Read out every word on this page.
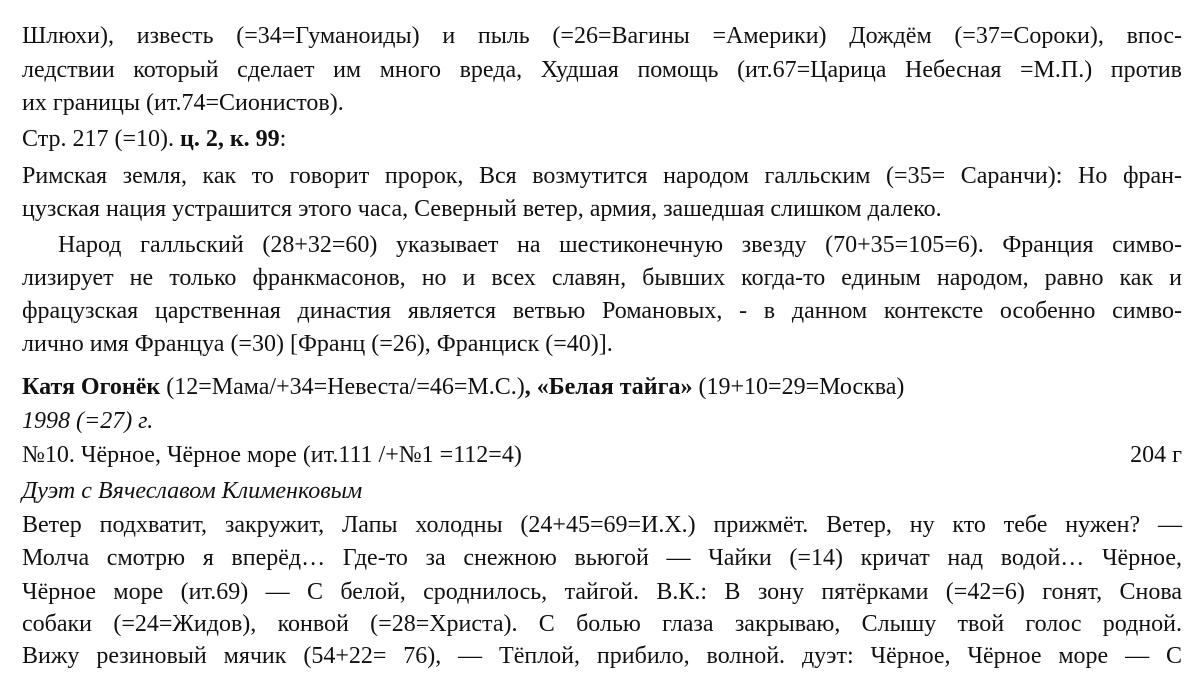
Шлюхи), известь (=34=Гуманоиды) и пыль (=26=Вагины =Америки) Дождём (=37=Сороки), впос-
ледствии который сделает им много вреда, Худшая помощь (ит.67=Царица Небесная =М.П.) против
их границы (ит.74=Сионистов).
Стр. 217 (=10). ц. 2, к. 99:
Римская земля, как то говорит пророк, Вся возмутится народом галльским (=35= Саранчи): Но фран-
цузская нация устрашится этого часа, Северный ветер, армия, зашедшая слишком далеко.
Народ галльский (28+32=60) указывает на шестиконечную звезду (70+35=105=6). Франция симво-
лизирует не только франкмасонов, но и всех славян, бывших когда-то единым народом, равно как и
фрацузская царственная династия является ветвью Романовых, - в данном контексте особенно симво-
лично имя Француа (=30) [Франц (=26), Франциск (=40)].
Катя Огонёк (12=Мама/+34=Невеста/=46=М.С.), «Белая тайга» (19+10=29=Москва)
1998 (=27) г.
№10. Чёрное, Чёрное море (ит.111 /+№1 =112=4)	204 г
Дуэт с Вячеславом Клименковым
Ветер подхватит, закружит, Лапы холодны (24+45=69=И.Х.) прижмёт. Ветер, ну кто тебе нужен? —
Молча смотрю я вперёд… Где-то за снежною вьюгой — Чайки (=14) кричат над водой… Чёрное,
Чёрное море (ит.69) — С белой, сроднилось, тайгой. В.К.: В зону пятёрками (=42=6) гонят, Снова
собаки (=24=Жидов), конвой (=28=Христа). С болью глаза закрываю, Слышу твой голос родной.
Вижу резиновый мячик (54+22= 76), — Тёплой, прибило, волной. дуэт: Чёрное, Чёрное море — С
